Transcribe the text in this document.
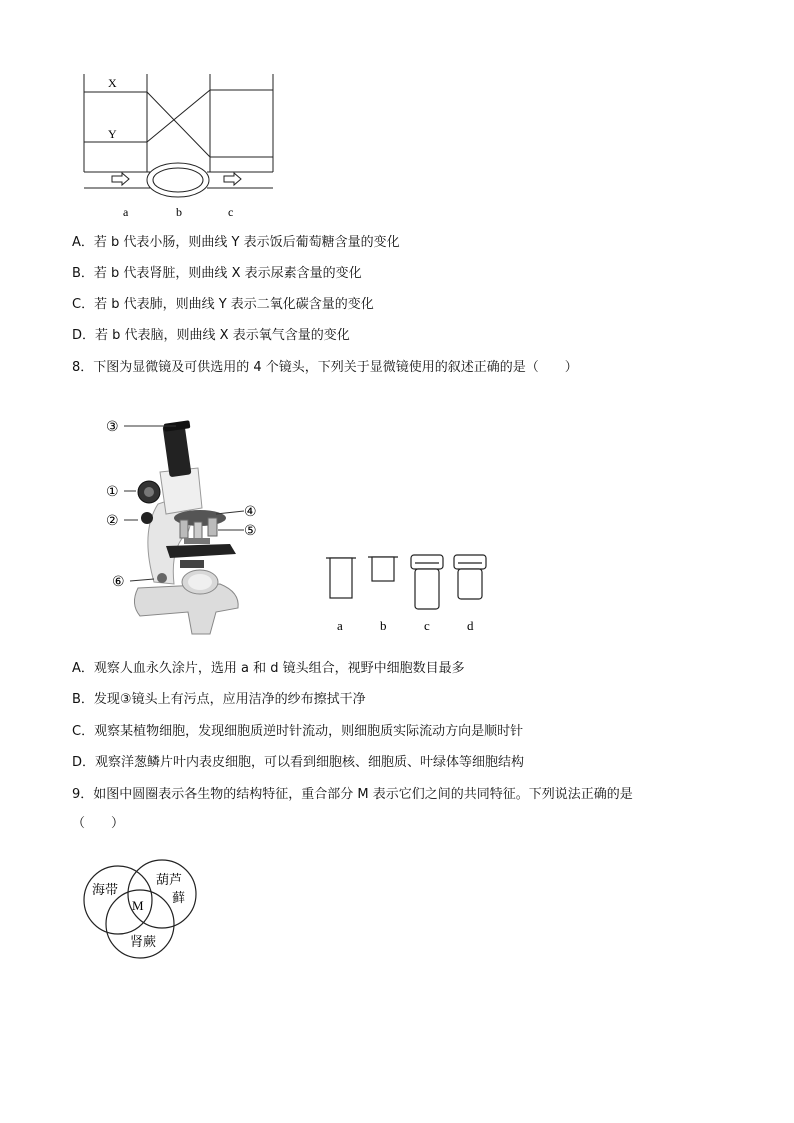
X
Y
a	b	c
A．若 b 代表小肠，则曲线 Y 表示饭后葡萄糖含量的变化
B．若 b 代表肾脏，则曲线 X 表示尿素含量的变化
C．若 b 代表肺，则曲线 Y 表示二氧化碳含量的变化
D．若 b 代表脑，则曲线 X 表示氧气含量的变化
8．下图为显微镜及可供选用的 4 个镜头，下列关于显微镜使用的叙述正确的是（　　）
③
①
②
④
⑤
⑥
a	b	c	d
A．观察人血永久涂片，选用 a 和 d 镜头组合，视野中细胞数目最多
B．发现③镜头上有污点，应用洁净的纱布擦拭干净
C．观察某植物细胞，发现细胞质逆时针流动，则细胞质实际流动方向是顺时针
D．观察洋葱鳞片叶内表皮细胞，可以看到细胞核、细胞质、叶绿体等细胞结构
9．如图中圆圈表示各生物的结构特征，重合部分 M 表示它们之间的共同特征。下列说法正确的是
（　　）
海带
葫芦
藓
M
肾蕨
